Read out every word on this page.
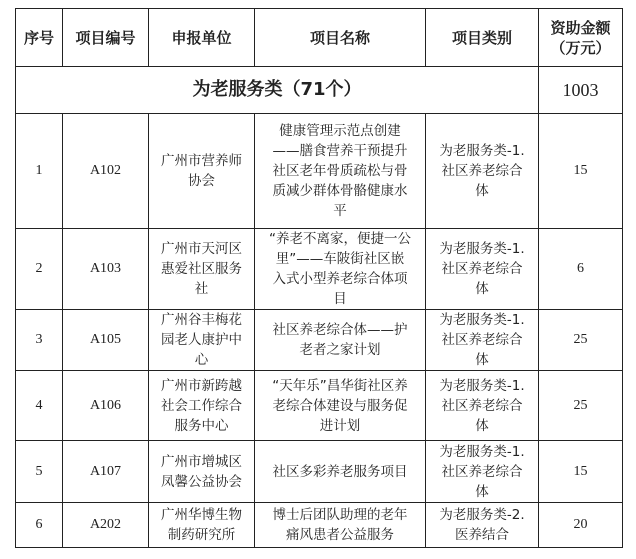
序号	项目编号	申报单位	项目名称	项目类别	资助金额
（万元）
为老服务类（71个）					1003
1	A102	广州市营养师
协会	健康管理示范点创建
——膳食营养干预提升
社区老年骨质疏松与骨
质减少群体骨骼健康水
平	为老服务类-1.
社区养老综合
体	15
2	A103	广州市天河区
惠爱社区服务
社	“养老不离家，便捷一公
里”——车陂街社区嵌
入式小型养老综合体项
目	为老服务类-1.
社区养老综合
体	6
3	A105	广州谷丰梅花
园老人康护中
心	社区养老综合体——护
老者之家计划	为老服务类-1.
社区养老综合
体	25
4	A106	广州市新跨越
社会工作综合
服务中心	“天年乐”昌华街社区养
老综合体建设与服务促
进计划	为老服务类-1.
社区养老综合
体	25
5	A107	广州市增城区
凤馨公益协会	社区多彩养老服务项目	为老服务类-1.
社区养老综合
体	15
6	A202	广州华博生物
制药研究所	博士后团队助理的老年
痛风患者公益服务	为老服务类-2.
医养结合	20
